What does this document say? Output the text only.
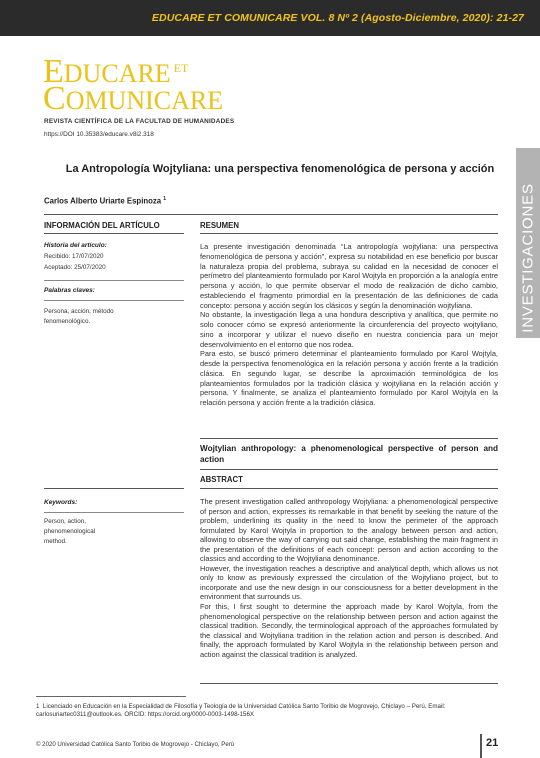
EDUCARE ET COMUNICARE VOL. 8 Nº 2 (Agosto-Diciembre, 2020): 21-27
EDUCARE $^{ET}$
COMUNICARE
REVISTA CIENTÍFICA DE LA FACULTAD DE HUMANIDADES
https://DOI 10.35383/educare.v8i2.318
INVESTIGACIONES
La Antropología Wojtyliana: una perspectiva fenomenológica de persona y acción
Carlos Alberto Uriarte Espinoza $^1$
INFORMACIÓN DEL ARTÍCULO	RESUMEN
Historia del artículo:
Recibido: 17/07/2020
Aceptado: 25/07/2020
Palabras claves:
Persona, acción, método
fenomenológico.

La presente investigación denominada “La antropología wojtyliana: una perspectiva fenomenológica de persona y acción”, expresa su notabilidad en ese beneficio por buscar la naturaleza propia del problema, subraya su calidad en la necesidad de conocer el perímetro del planteamiento formulado por Karol Wojtyla en proporción a la analogía entre persona y acción, lo que permite observar el modo de realización de dicho cambio, estableciendo el fragmento primordial en la presentación de las definiciones de cada concepto: persona y acción según los clásicos y según la denominación wojtyliana.

No obstante, la investigación llega a una hondura descriptiva y analítica, que permite no solo conocer cómo se expresó anteriormente la circunferencia del proyecto wojtyliano, sino a incorporar y utilizar el nuevo diseño en nuestra conciencia para un mejor desenvolvimiento en el entorno que nos rodea.

Para esto, se buscó primero determinar el planteamiento formulado por Karol Wojtyla, desde la perspectiva fenomenológica en la relación persona y acción frente a la tradición clásica. En segundo lugar, se describe la aproximación terminológica de los planteamientos formulados por la tradición clásica y wojtyliana en la relación acción y persona. Y finalmente, se analiza el planteamiento formulado por Karol Wojtyla en la relación persona y acción frente a la tradición clásica.

Wojtylian anthropology: a phenomenological perspective of person and action
ABSTRACT
Keywords:
Person, action,
phenomenological
method.

The present investigation called anthropology Wojtyliana: a phenomenological perspective of person and action, expresses its remarkable in that benefit by seeking the nature of the problem, underlining its quality in the need to know the perimeter of the approach formulated by Karol Wojtyla in proportion to the analogy between person and action, allowing to observe the way of carrying out said change, establishing the main fragment in the presentation of the definitions of each concept: person and action according to the classics and according to the Wojtyliana denominance.

However, the investigation reaches a descriptive and analytical depth, which allows us not only to know as previously expressed the circulation of the Wojtyliano project, but to incorporate and use the new design in our consciousness for a better development in the environment that surrounds us.

For this, I first sought to determine the approach made by Karol Wojtyla, from the phenomenological perspective on the relationship between person and action against the classical tradition. Secondly, the terminological approach of the approaches formulated by the classical and Wojtyliana tradition in the relation action and person is described. And finally, the approach formulated by Karol Wojtyla in the relationship between person and action against the classical tradition is analyzed.

1 Licenciado en Educación en la Especialidad de Filosofía y Teología de la Universidad Católica Santo Toribio de Mogrovejo, Chiclayo – Perú. Email: carlosuriartec0311@outlook.es. ORCID: https://orcid.org/0000-0003-1498-156X
© 2020 Universidad Católica Santo Toribio de Mogrovejo - Chiclayo, Perú	21
